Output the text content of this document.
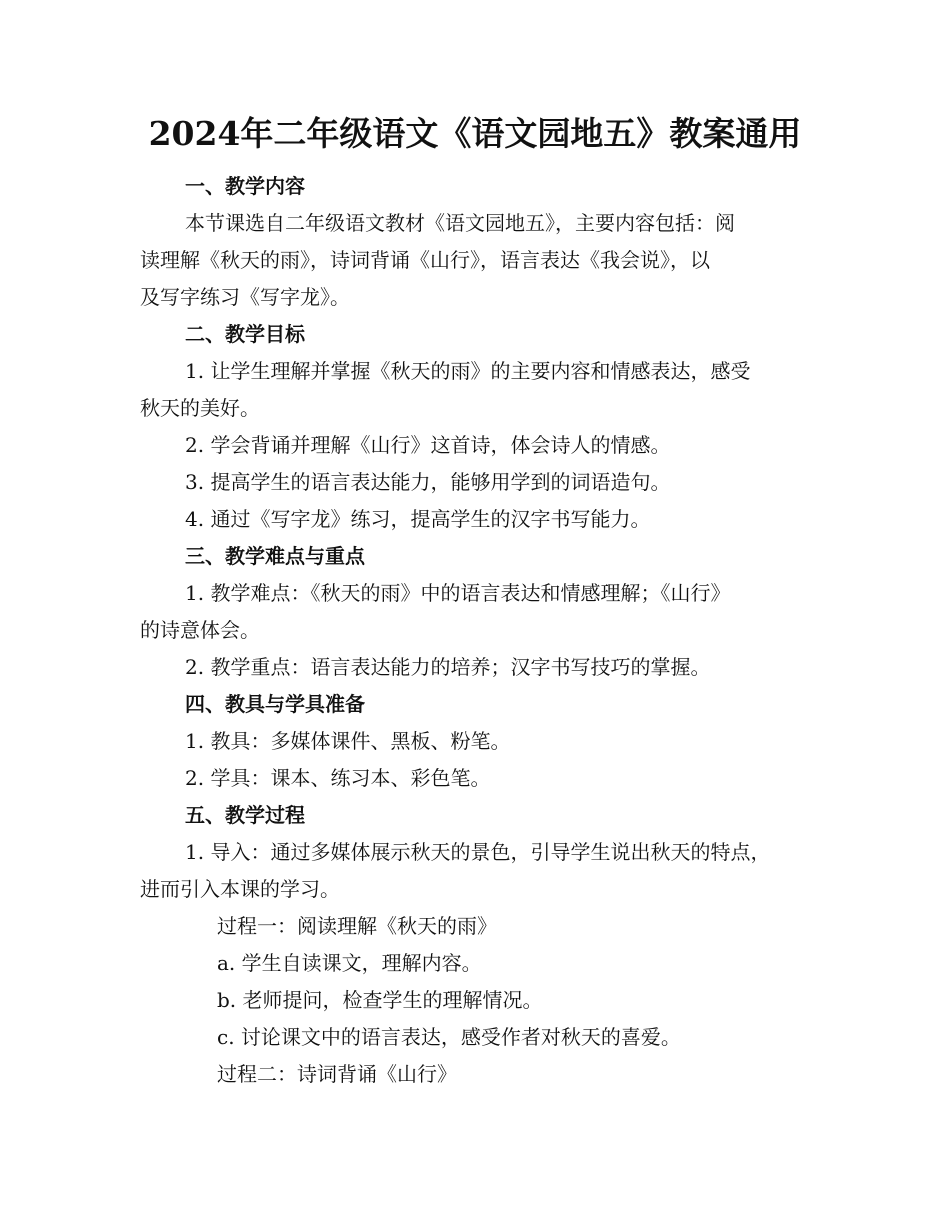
2024年二年级语文《语文园地五》教案通用
一、教学内容
本节课选自二年级语文教材《语文园地五》，主要内容包括：阅
读理解《秋天的雨》，诗词背诵《山行》，语言表达《我会说》，以
及写字练习《写字龙》。
二、教学目标
1. 让学生理解并掌握《秋天的雨》的主要内容和情感表达，感受
秋天的美好。
2. 学会背诵并理解《山行》这首诗，体会诗人的情感。
3. 提高学生的语言表达能力，能够用学到的词语造句。
4. 通过《写字龙》练习，提高学生的汉字书写能力。
三、教学难点与重点
1. 教学难点：《秋天的雨》中的语言表达和情感理解；《山行》
的诗意体会。
2. 教学重点：语言表达能力的培养；汉字书写技巧的掌握。
四、教具与学具准备
1. 教具：多媒体课件、黑板、粉笔。
2. 学具：课本、练习本、彩色笔。
五、教学过程
1. 导入：通过多媒体展示秋天的景色，引导学生说出秋天的特点，
进而引入本课的学习。
过程一：阅读理解《秋天的雨》
a. 学生自读课文，理解内容。
b. 老师提问，检查学生的理解情况。
c. 讨论课文中的语言表达，感受作者对秋天的喜爱。
过程二：诗词背诵《山行》
